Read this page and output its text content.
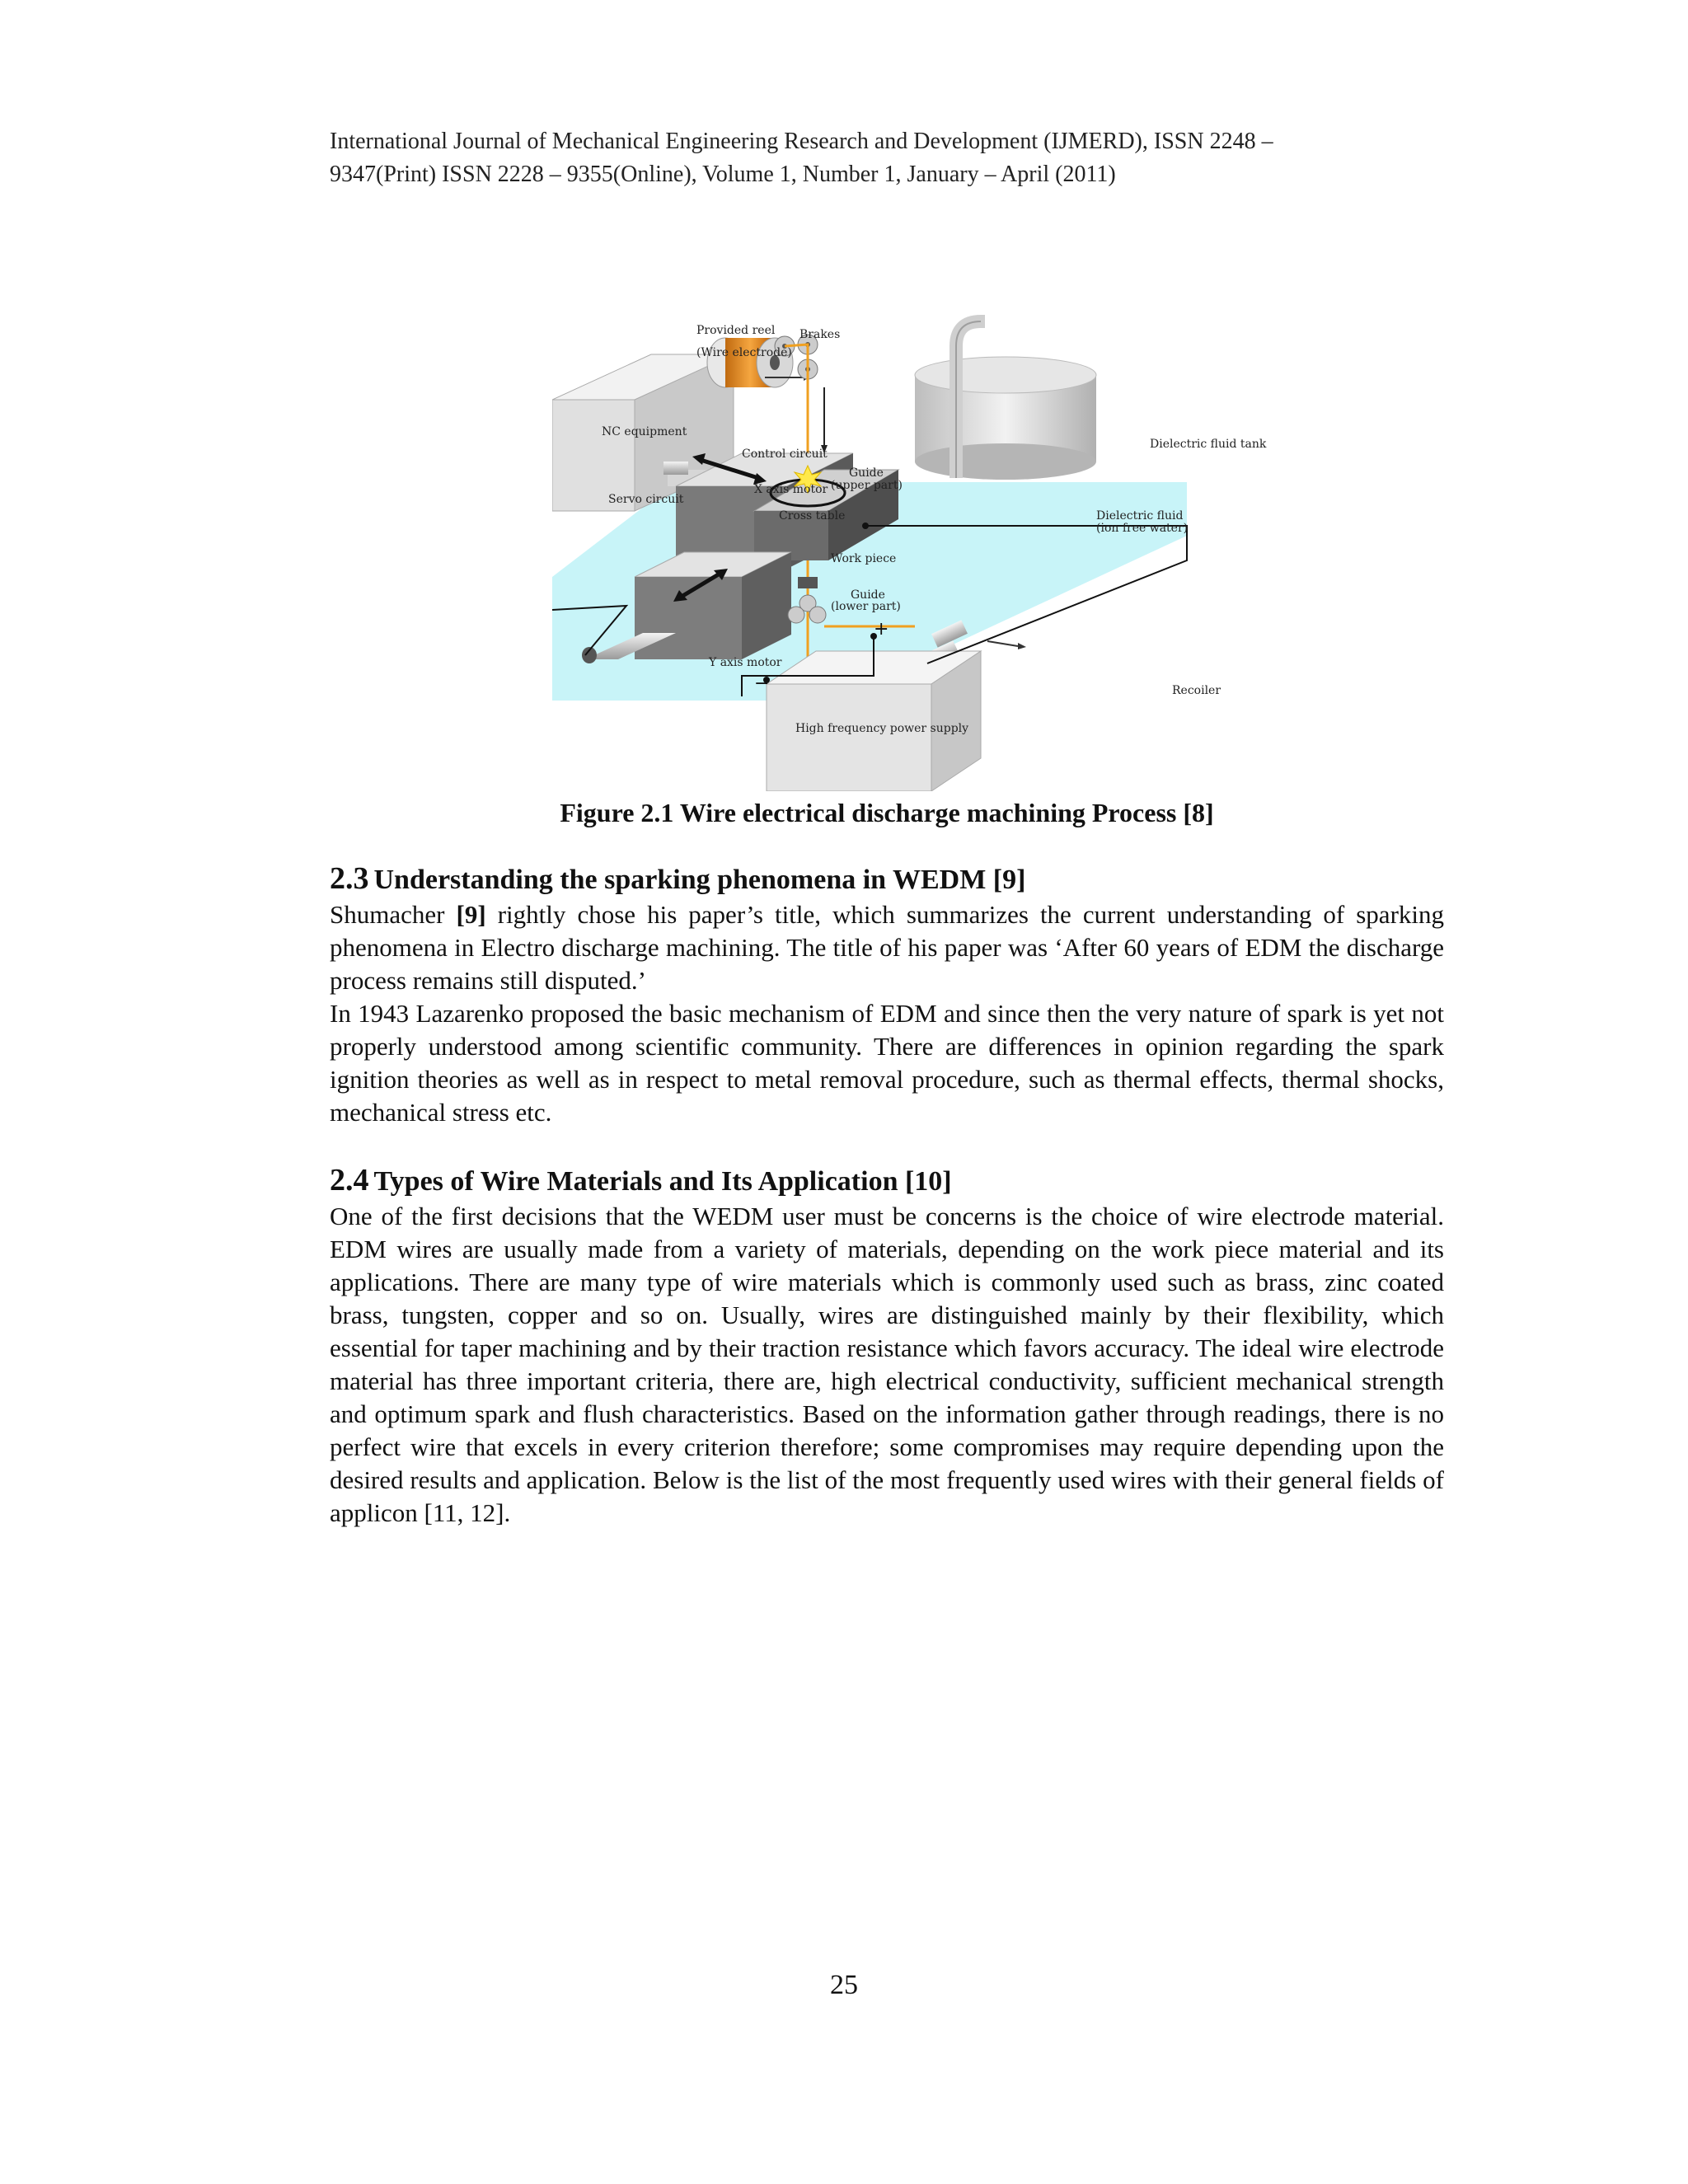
International Journal of Mechanical Engineering Research and Development (IJMERD), ISSN 2248 –
9347(Print) ISSN 2228 – 9355(Online), Volume 1, Number 1, January – April (2011)
Provided reel
(Wire electrode)
Brakes
NC equipment
Control circuit
Servo circuit
X axis motor
Cross table
Guide
(upper part)
Dielectric fluid tank
Dielectric fluid
(ion free water)
Work piece
Guide
(lower part)
+
−
Y axis motor
Recoiler
High frequency power supply
Figure 2.1 Wire electrical discharge machining Process [8]
2.3 Understanding the sparking phenomena in WEDM [9]

Shumacher [9] rightly chose his paper’s title, which summarizes the current understanding of sparking phenomena in Electro discharge machining. The title of his paper was ‘After 60 years of EDM the discharge process remains still disputed.’

In 1943 Lazarenko proposed the basic mechanism of EDM and since then the very nature of spark is yet not properly understood among scientific community. There are differences in opinion regarding the spark ignition theories as well as in respect to metal removal procedure, such as thermal effects, thermal shocks, mechanical stress etc.

2.4 Types of Wire Materials and Its Application [10]

One of the first decisions that the WEDM user must be concerns is the choice of wire electrode material. EDM wires are usually made from a variety of materials, depending on the work piece material and its applications. There are many type of wire materials which is commonly used such as brass, zinc coated brass, tungsten, copper and so on. Usually, wires are distinguished mainly by their flexibility, which essential for taper machining and by their traction resistance which favors accuracy. The ideal wire electrode material has three important criteria, there are, high electrical conductivity, sufficient mechanical strength and optimum spark and flush characteristics. Based on the information gather through readings, there is no perfect wire that excels in every criterion therefore; some compromises may require depending upon the desired results and application. Below is the list of the most frequently used wires with their general fields of applicon [11, 12].

25
